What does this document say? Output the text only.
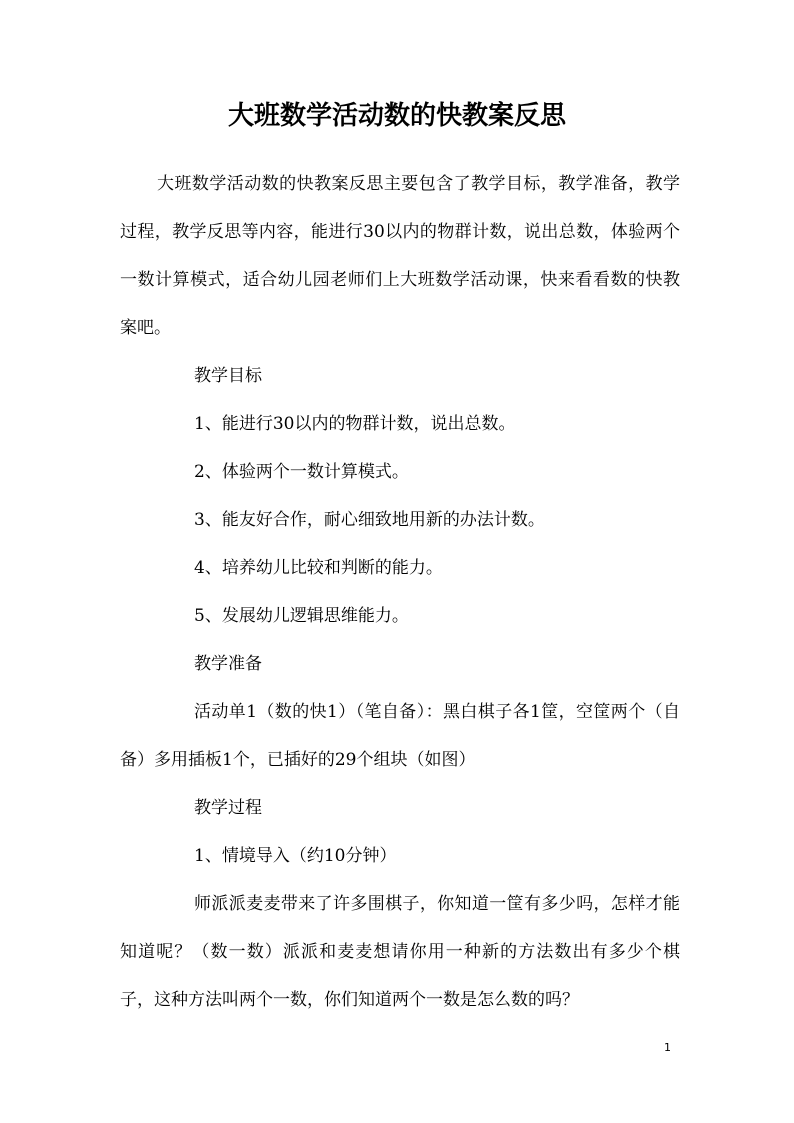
大班数学活动数的快教案反思

大班数学活动数的快教案反思主要包含了教学目标，教学准备，教学过程，教学反思等内容，能进行30以内的物群计数，说出总数，体验两个一数计算模式，适合幼儿园老师们上大班数学活动课，快来看看数的快教案吧。

教学目标

1、能进行30以内的物群计数，说出总数。

2、体验两个一数计算模式。

3、能友好合作，耐心细致地用新的办法计数。

4、培养幼儿比较和判断的能力。

5、发展幼儿逻辑思维能力。

教学准备

活动单1（数的快1）（笔自备）：黑白棋子各1筐，空筐两个（自备）多用插板1个，已插好的29个组块（如图）

教学过程

1、情境导入（约10分钟）

师派派麦麦带来了许多围棋子，你知道一筐有多少吗，怎样才能知道呢？（数一数）派派和麦麦想请你用一种新的方法数出有多少个棋子，这种方法叫两个一数，你们知道两个一数是怎么数的吗？

1
